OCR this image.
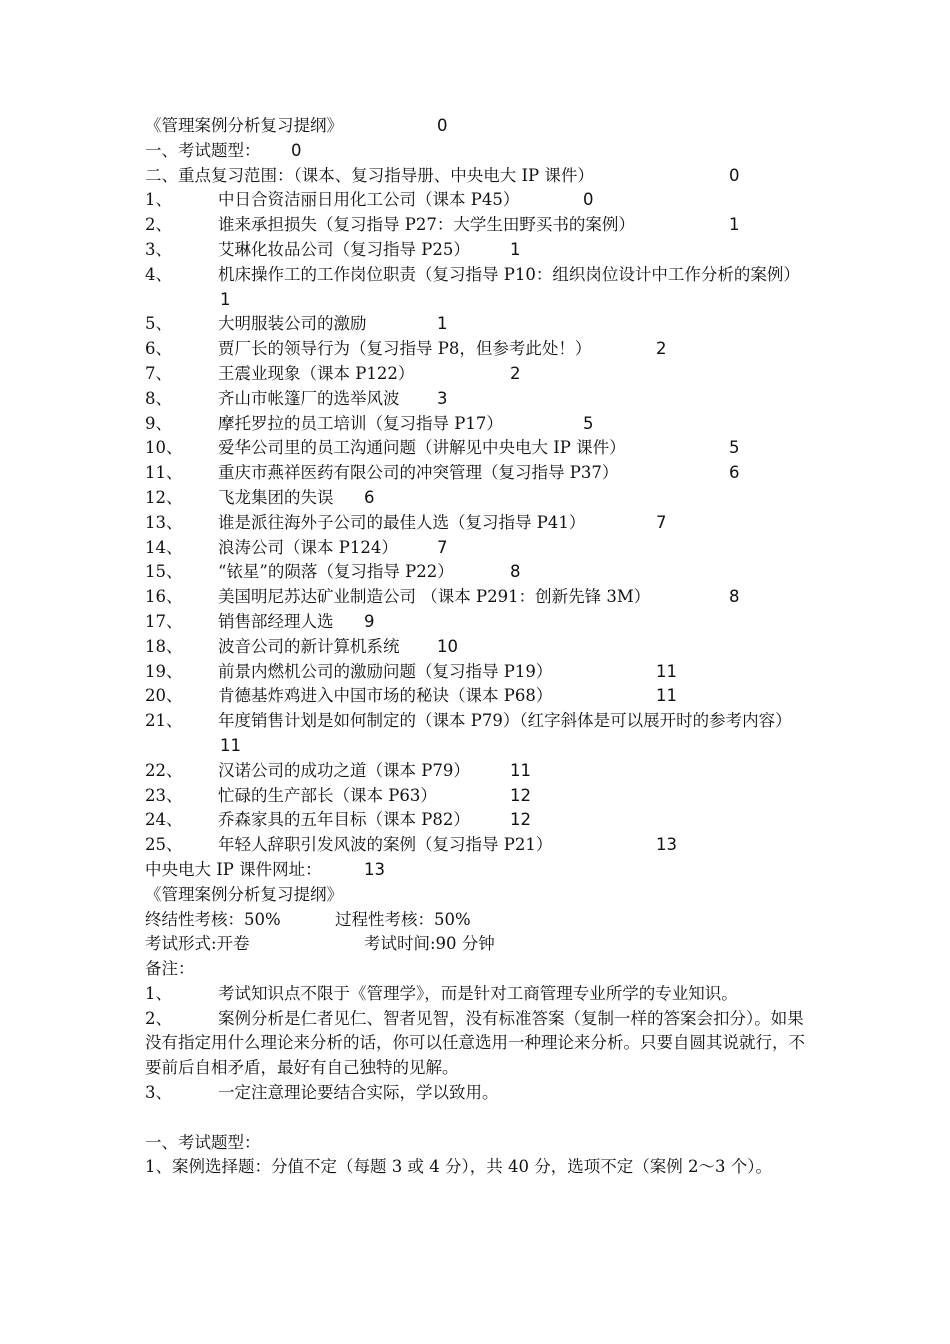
《管理案例分析复习提纲》	0
一、考试题型： 0
二、重点复习范围：（课本、复习指导册、中央电大 IP 课件）	0
1、	中日合资洁丽日用化工公司（课本 P45）	0
2、	谁来承担损失（复习指导 P27：大学生田野买书的案例）	1
3、	艾琳化妆品公司（复习指导 P25） 1
4、	机床操作工的工作岗位职责（复习指导 P10：组织岗位设计中工作分析的案例）1
5、	大明服装公司的激励	1
6、	贾厂长的领导行为（复习指导 P8，但参考此处！）	2
7、	王震业现象（课本 P122）	2
8、	齐山市帐篷厂的选举风波 3
9、	摩托罗拉的员工培训（复习指导 P17）	5
10、 爱华公司里的员工沟通问题（讲解见中央电大 IP 课件）	5
11、 重庆市燕祥医药有限公司的冲突管理（复习指导 P37）	6
12、 飞龙集团的失误 6
13、 谁是派往海外子公司的最佳人选（复习指导 P41）	7
14、 浪涛公司（课本 P124） 7
15、 “铱星”的陨落（复习指导 P22）	8
16、 美国明尼苏达矿业制造公司 （课本 P291：创新先锋 3M）	8
17、 销售部经理人选 9
18、 波音公司的新计算机系统 10
19、 前景内燃机公司的激励问题（复习指导 P19）	11
20、 肯德基炸鸡进入中国市场的秘诀（课本 P68）	11
21、	年度销售计划是如何制定的（课本 P79）（红字斜体是可以展开时的参考内容）11
22、 汉诺公司的成功之道（课本 P79） 11
23、 忙碌的生产部长（课本 P63）	12
24、 乔森家具的五年目标（课本 P82） 12
25、 年轻人辞职引发风波的案例（复习指导 P21）	13
中央电大 IP 课件网址：	13
《管理案例分析复习提纲》
终结性考核：50%	过程性考核：50%
考试形式:开卷	考试时间:90 分钟
备注：
1、	考试知识点不限于《管理学》，而是针对工商管理专业所学的专业知识。
2、	案例分析是仁者见仁、智者见智，没有标准答案（复制一样的答案会扣分）。如果没有指定用什么理论来分析的话，你可以任意选用一种理论来分析。只要自圆其说就行，不要前后自相矛盾，最好有自己独特的见解。
3、	一定注意理论要结合实际，学以致用。
一、考试题型：
1、案例选择题：分值不定（每题 3 或 4 分），共 40 分，选项不定（案例 2～3 个）。
